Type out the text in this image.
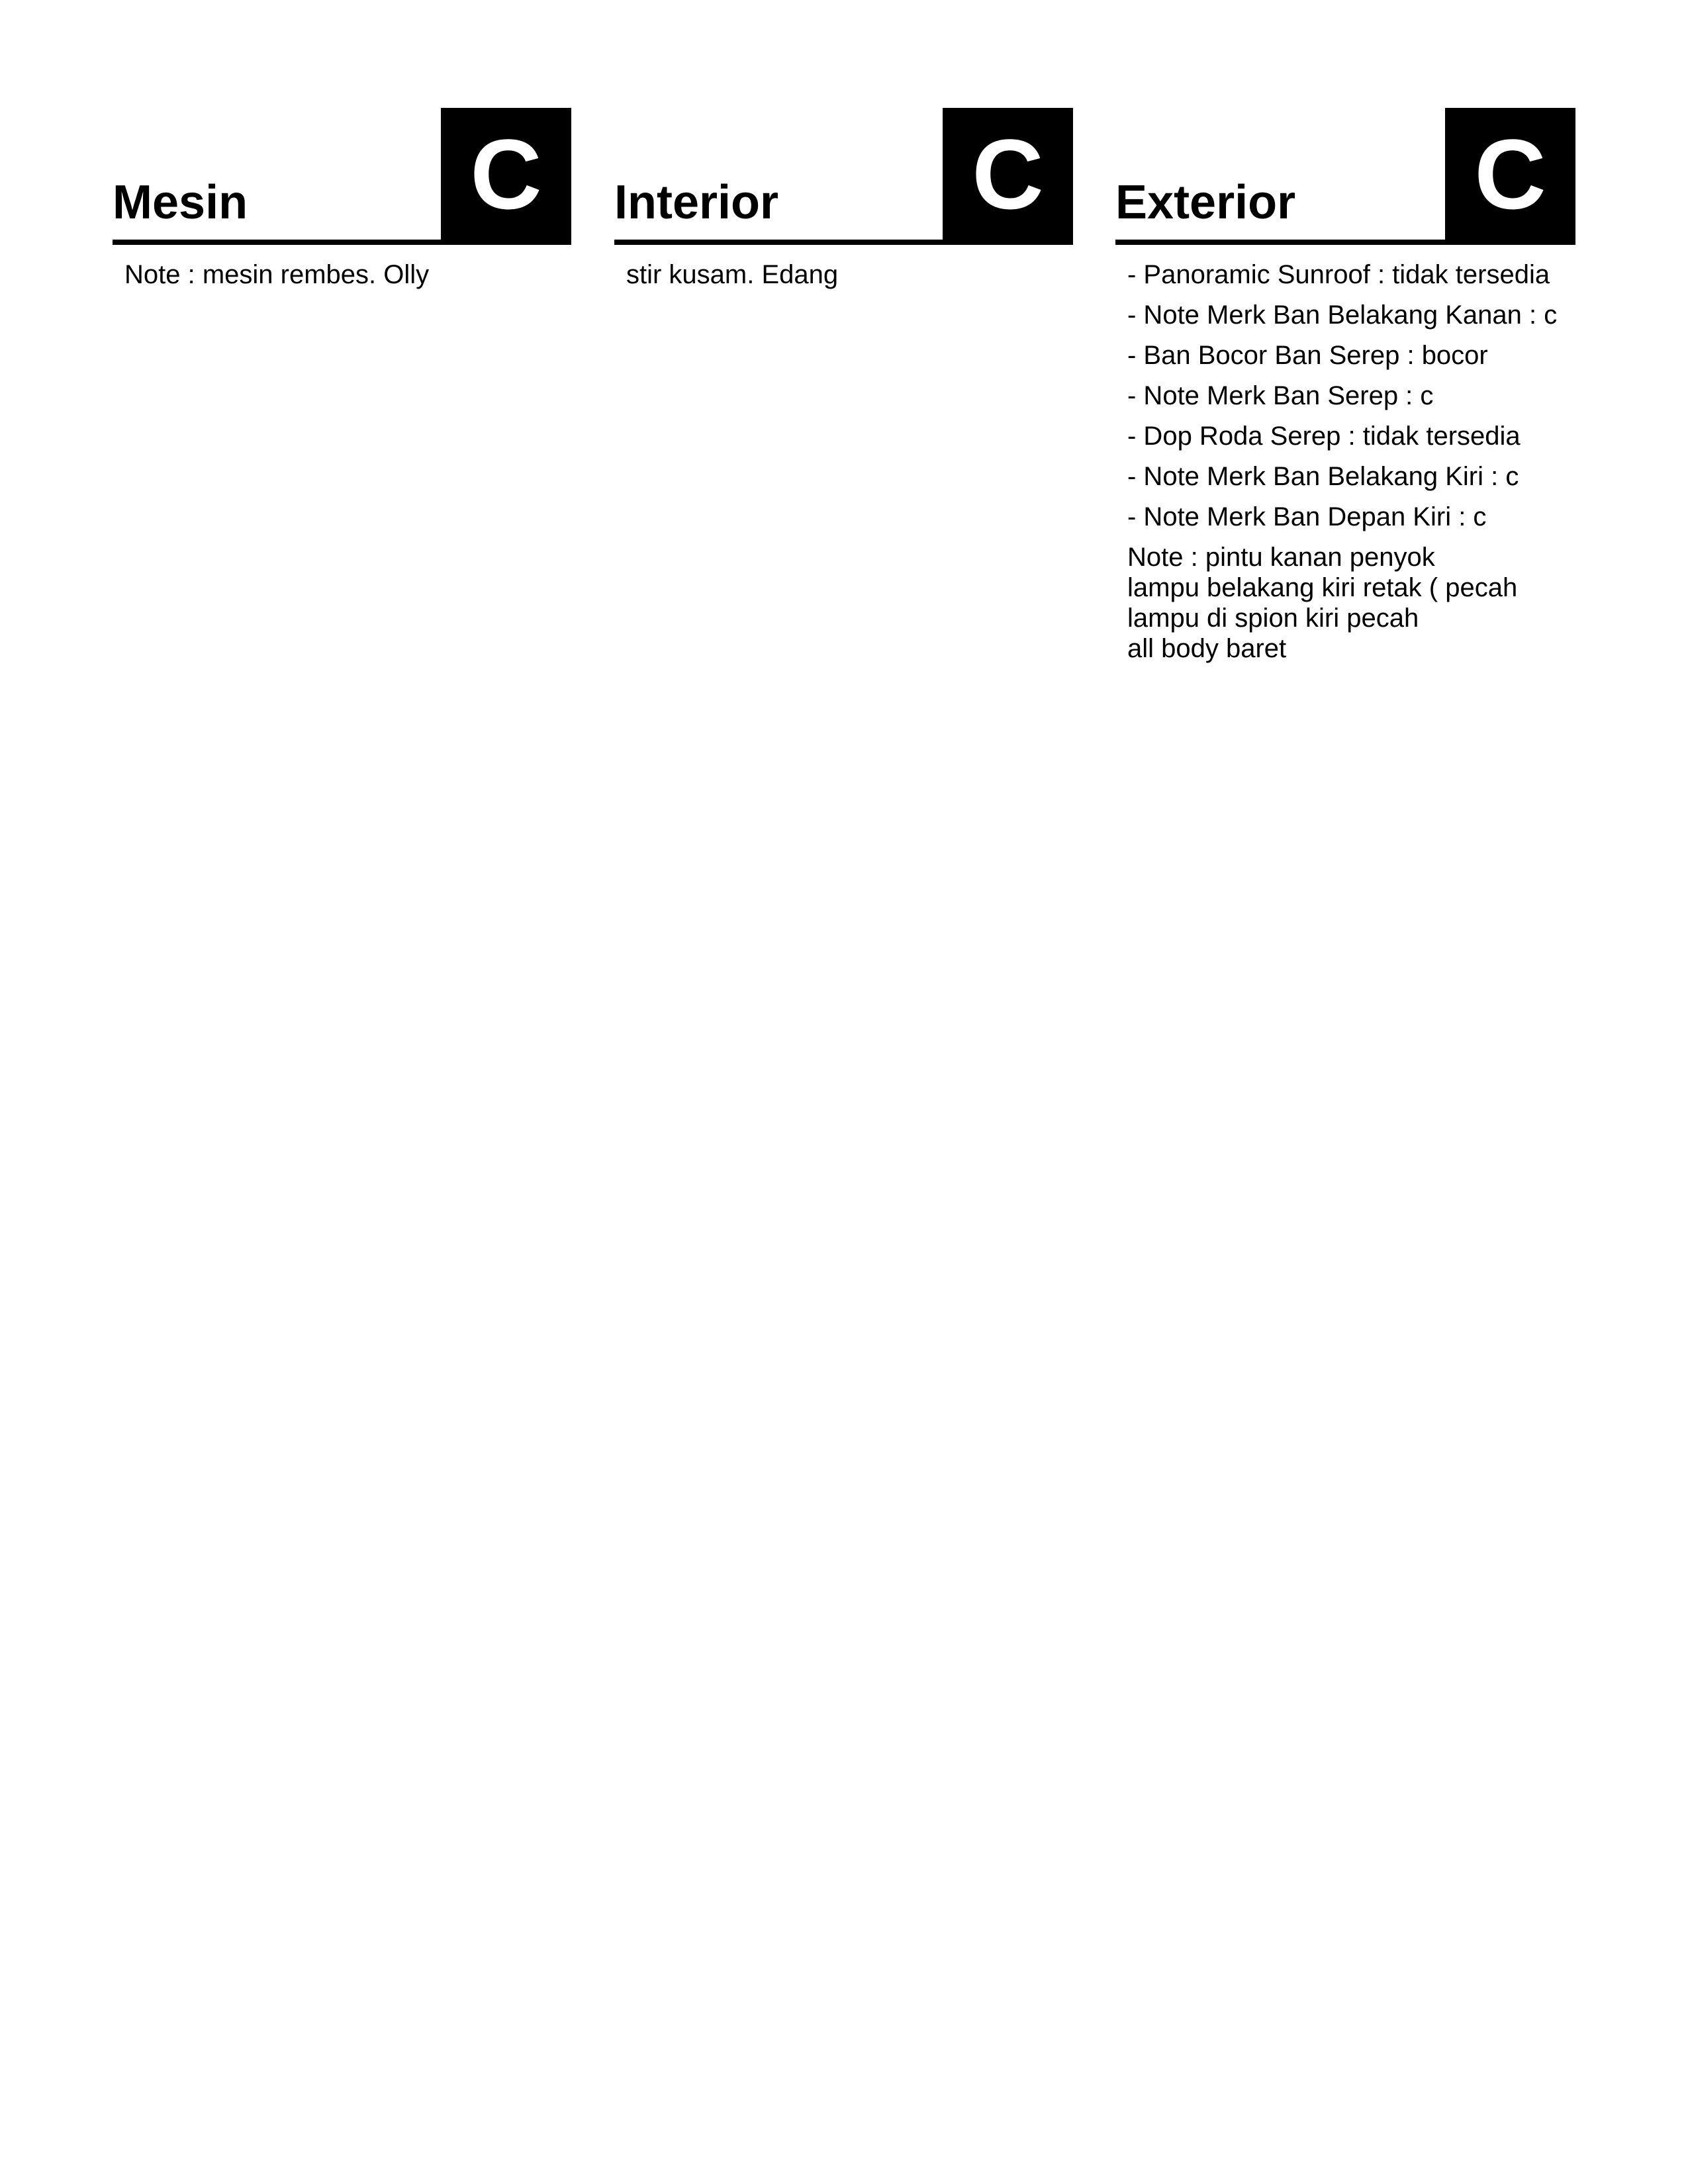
Mesin C

Note : mesin rembes. Olly

Interior C

stir kusam. Edang

Exterior C

- Panoramic Sunroof : tidak tersedia

- Note Merk Ban Belakang Kanan : c

- Ban Bocor Ban Serep : bocor

- Note Merk Ban Serep : c

- Dop Roda Serep : tidak tersedia

- Note Merk Ban Belakang Kiri : c

- Note Merk Ban Depan Kiri : c

Note : pintu kanan penyok
lampu belakang kiri retak ( pecah
lampu di spion kiri pecah
all body baret
